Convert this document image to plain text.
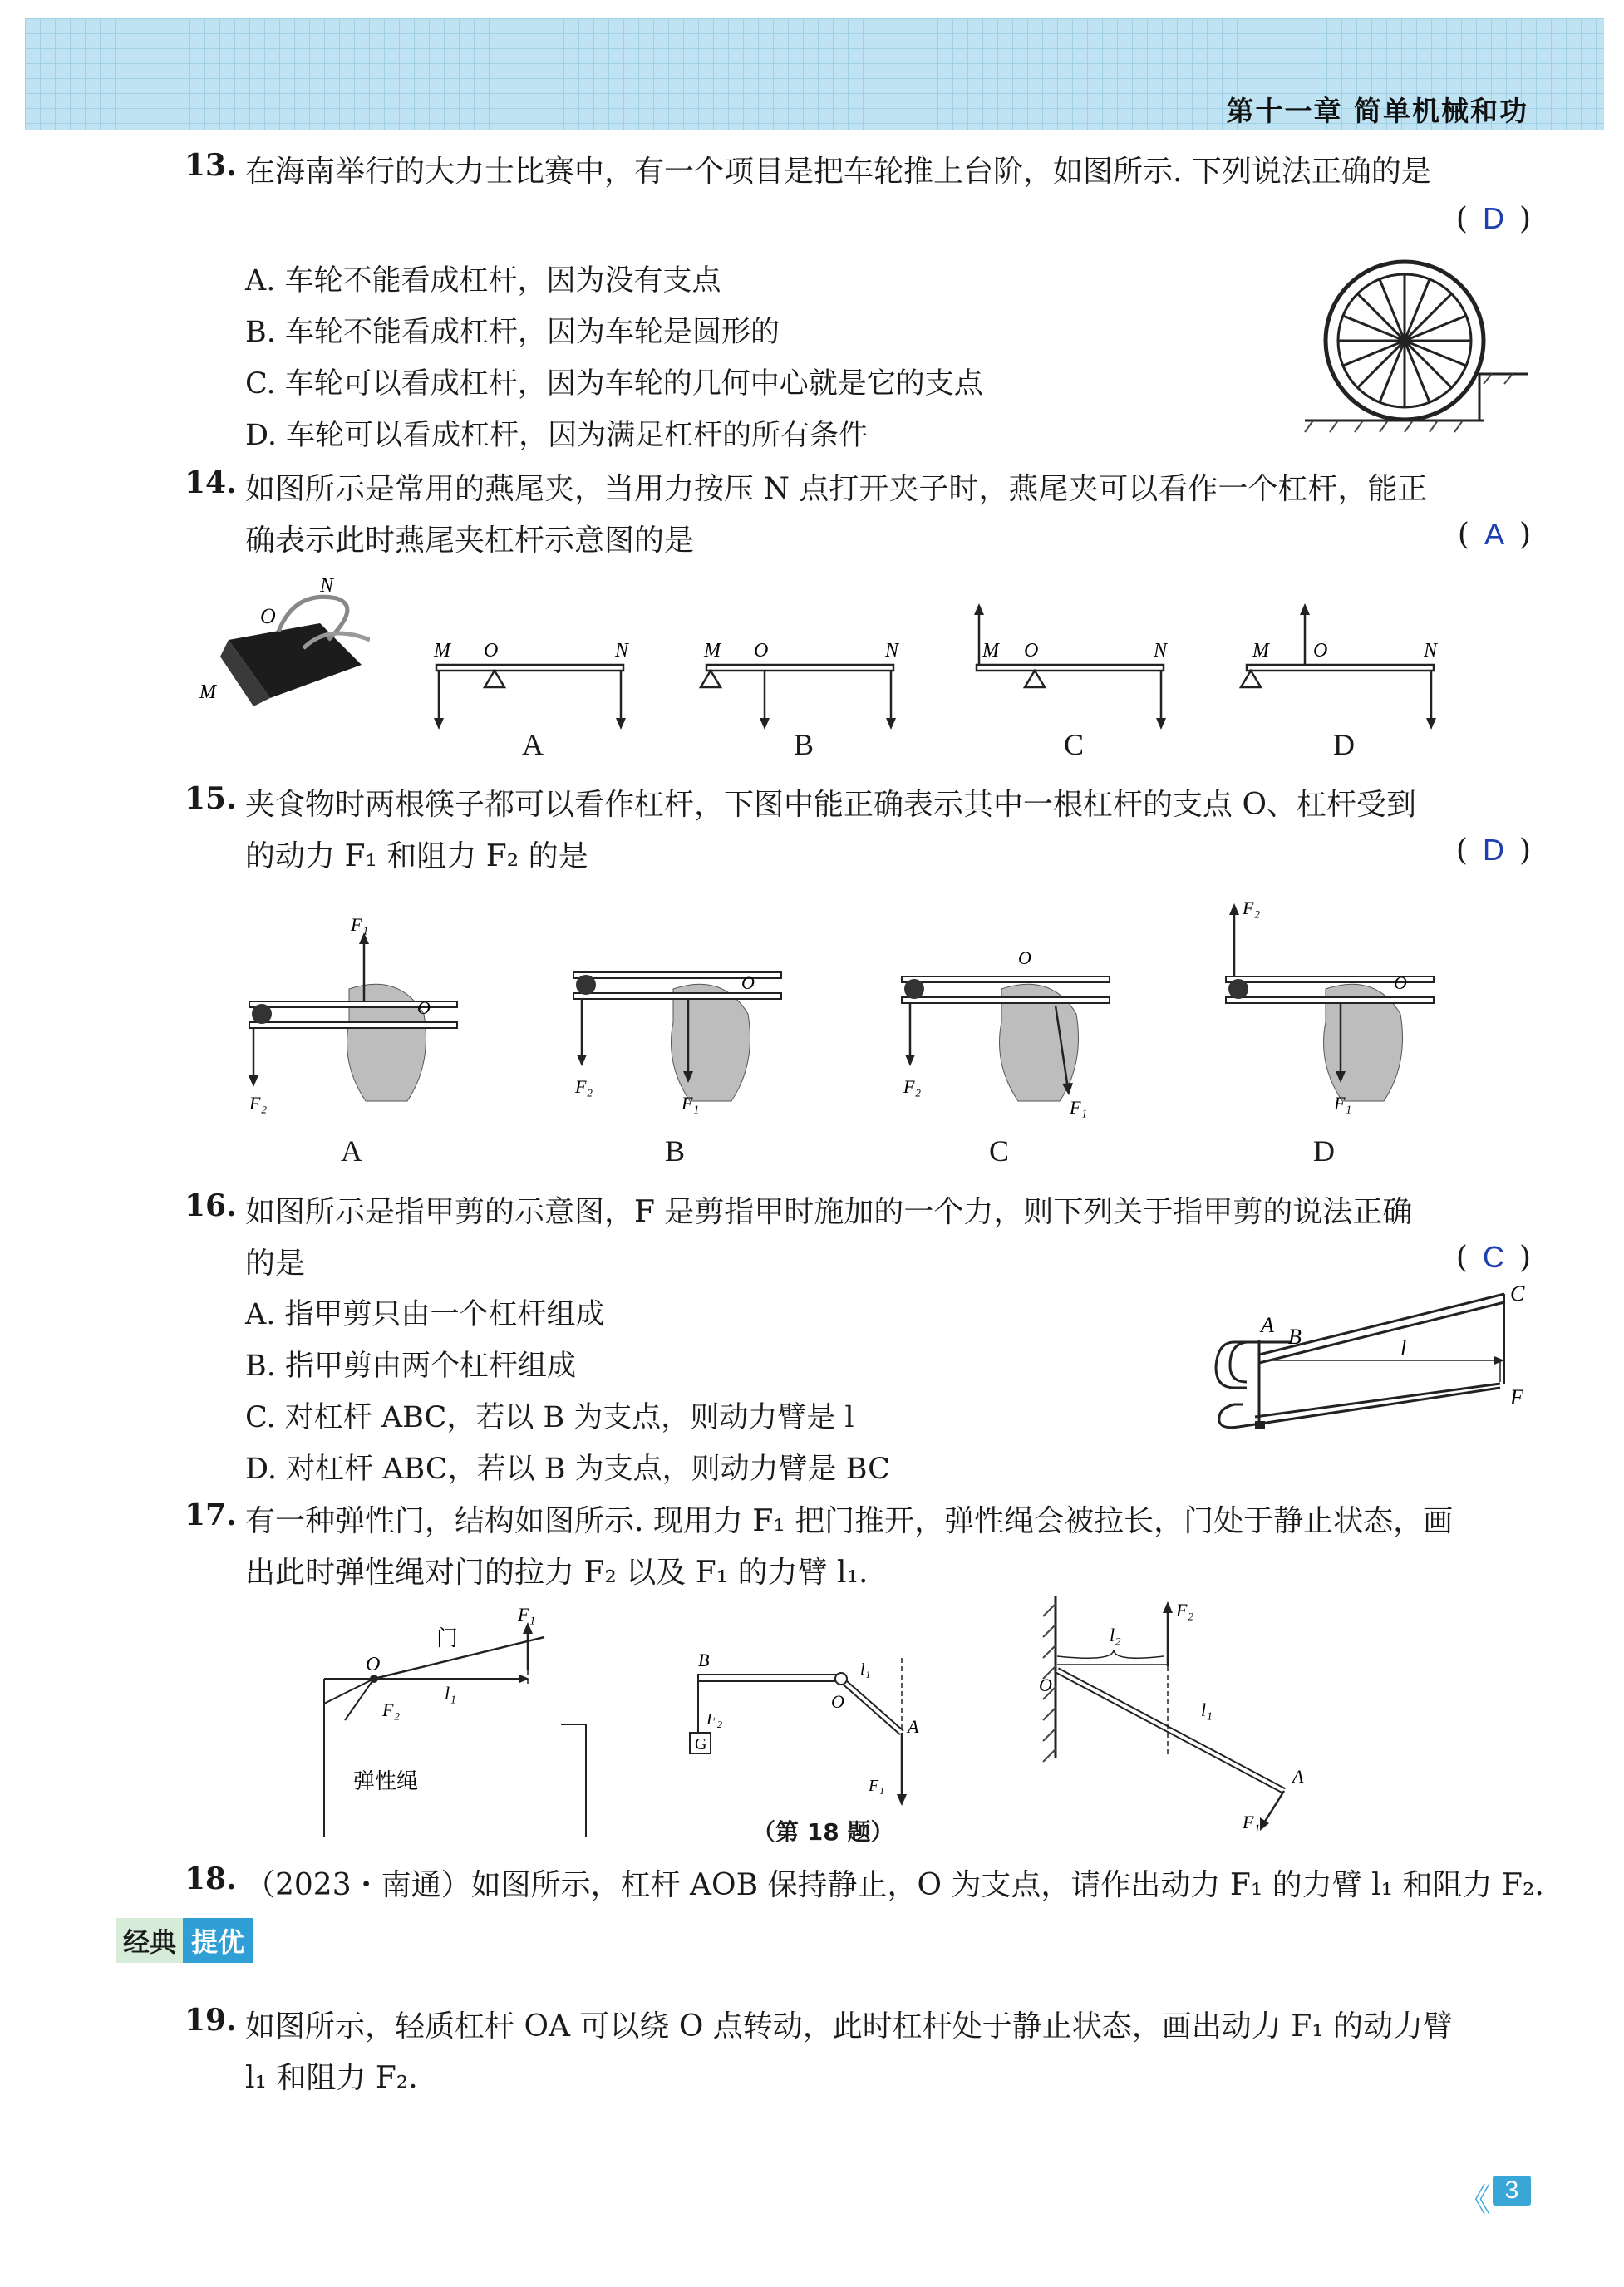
第十一章 简单机械和功
13. 在海南举行的大力士比赛中，有一个项目是把车轮推上台阶，如图所示. 下列说法正确的是
( D )
A. 车轮不能看成杠杆，因为没有支点
B. 车轮不能看成杠杆，因为车轮是圆形的
C. 车轮可以看成杠杆，因为车轮的几何中心就是它的支点
D. 车轮可以看成杠杆，因为满足杠杆的所有条件
14. 如图所示是常用的燕尾夹，当用力按压 N 点打开夹子时，燕尾夹可以看作一个杠杆，能正
确表示此时燕尾夹杠杆示意图的是	( A )
O
N
M
M O	N	M O	N	M O	N	M O	N
A	B	C	D
15. 夹食物时两根筷子都可以看作杠杆，下图中能正确表示其中一根杠杆的支点 O、杠杆受到
的动力 F₁ 和阻力 F₂ 的是	( D )
F₁
F₂
O
F₂
F₁
O
F₂
F₁
O
F₂
F₁
O
A	B	C	D
16. 如图所示是指甲剪的示意图，F 是剪指甲时施加的一个力，则下列关于指甲剪的说法正确
的是	( C )
A. 指甲剪只由一个杠杆组成
B. 指甲剪由两个杠杆组成
C. 对杠杆 ABC，若以 B 为支点，则动力臂是 l
D. 对杠杆 ABC，若以 B 为支点，则动力臂是 BC
A B
C
l
F
17. 有一种弹性门，结构如图所示. 现用力 F₁ 把门推开，弹性绳会被拉长，门处于静止状态，画
出此时弹性绳对门的拉力 F₂ 以及 F₁ 的力臂 l₁.
O
门
F₁
l₁
F₂
弹性绳
B
O
A
G
F₂
F₁
l₁
（第 18 题）
O
A
F₂
l₂
l₁
F₁
18. （2023・南通）如图所示，杠杆 AOB 保持静止，O 为支点，请作出动力 F₁ 的力臂 l₁ 和阻力 F₂.
经典 提优
19. 如图所示，轻质杠杆 OA 可以绕 O 点转动，此时杠杆处于静止状态，画出动力 F₁ 的动力臂
l₁ 和阻力 F₂.
《 3
